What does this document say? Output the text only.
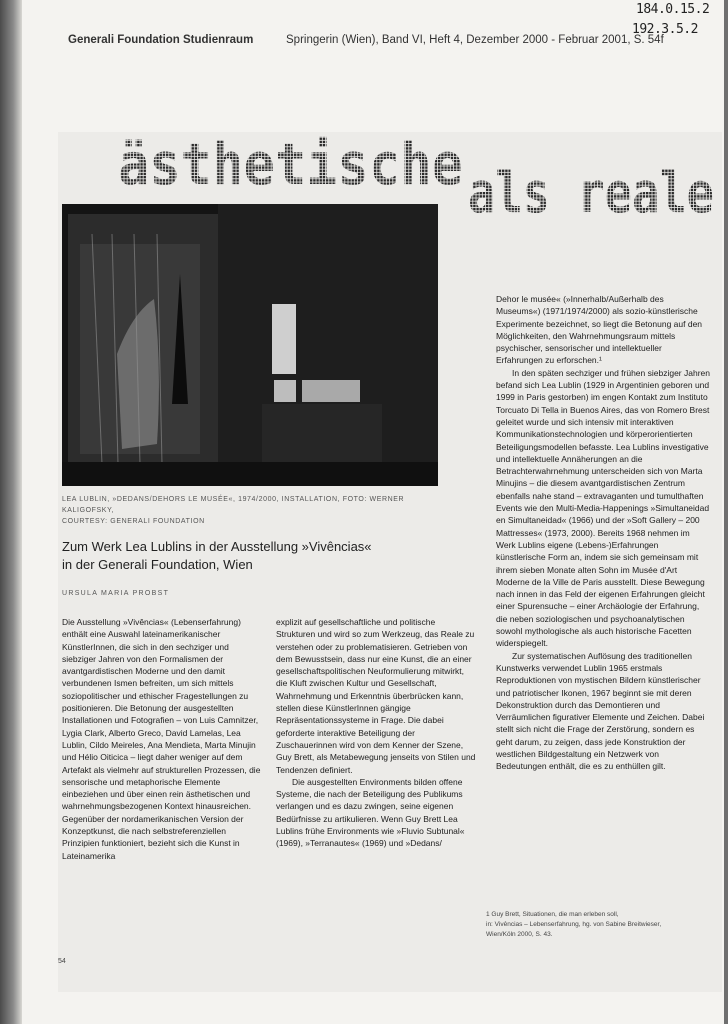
Generali Foundation Studienraum	Springerin (Wien), Band VI, Heft 4, Dezember 2000 - Februar 2001, S. 54f
184.0.15.2
192.3.5.2
ästhetische als reale
LEA LUBLIN, »DEDANS/DEHORS LE MUSÉE«, 1974/2000, INSTALLATION, FOTO: WERNER KALIGOFSKY,
COURTESY: GENERALI FOUNDATION
Zum Werk Lea Lublins in der Ausstellung »Vivências«
in der Generali Foundation, Wien
URSULA MARIA PROBST

Die Ausstellung »Vivências« (Lebenserfahrung) enthält eine Auswahl lateinamerikanischer KünstlerInnen, die sich in den sechziger und siebziger Jahren von den Formalismen der avantgardistischen Moderne und den damit verbundenen Ismen befreiten, um sich mittels soziopolitischer und ethischer Fragestellungen zu positionieren. Die Betonung der ausgestellten Installationen und Fotografien – von Luis Camnitzer, Lygia Clark, Alberto Greco, David Lamelas, Lea Lublin, Cildo Meireles, Ana Mendieta, Marta Minujin und Hélio Oiticica – liegt daher weniger auf dem Artefakt als vielmehr auf strukturellen Prozessen, die sensorische und metaphorische Elemente einbeziehen und über einen rein ästhetischen und wahrnehmungsbezogenen Kontext hinausreichen. Gegenüber der nordamerikanischen Version der Konzeptkunst, die nach selbstreferenziellen Prinzipien funktioniert, bezieht sich die Kunst in Lateinamerika

explizit auf gesellschaftliche und politische Strukturen und wird so zum Werkzeug, das Reale zu verstehen oder zu problematisieren. Getrieben von dem Bewusstsein, dass nur eine Kunst, die an einer gesellschaftspolitischen Neuformulierung mitwirkt, die Kluft zwischen Kultur und Gesellschaft, Wahrnehmung und Erkenntnis überbrücken kann, stellen diese KünstlerInnen gängige Repräsentationssysteme in Frage. Die dabei geforderte interaktive Beteiligung der Zuschauerinnen wird von dem Kenner der Szene, Guy Brett, als Metabewegung jenseits von Stilen und Tendenzen definiert.

Die ausgestellten Environments bilden offene Systeme, die nach der Beteiligung des Publikums verlangen und es dazu zwingen, seine eigenen Bedürfnisse zu artikulieren. Wenn Guy Brett Lea Lublins frühe Environments wie »Fluvio Subtunal« (1969), »Terranautes« (1969) und »Dedans/

Dehor le musée« (»Innerhalb/Außerhalb des Museums«) (1971/1974/2000) als sozio-künstlerische Experimente bezeichnet, so liegt die Betonung auf den Möglichkeiten, den Wahrnehmungsraum mittels psychischer, sensorischer und intellektueller Erfahrungen zu erforschen.¹

In den späten sechziger und frühen siebziger Jahren befand sich Lea Lublin (1929 in Argentinien geboren und 1999 in Paris gestorben) im engen Kontakt zum Instituto Torcuato Di Tella in Buenos Aires, das von Romero Brest geleitet wurde und sich intensiv mit interaktiven Kommunikationstechnologien und körperorientierten Beteiligungsmodellen befasste. Lea Lublins investigative und intellektuelle Annäherungen an die Betrachterwahrnehmung unterscheiden sich von Marta Minujins – die diesem avantgardistischen Zentrum ebenfalls nahe stand – extravaganten und tumulthaften Events wie den Multi-Media-Happenings »Simultaneidad en Simultaneidad« (1966) und der »Soft Gallery – 200 Mattresses« (1973, 2000). Bereits 1968 nehmen im Werk Lublins eigene (Lebens-)Erfahrungen künstlerische Form an, indem sie sich gemeinsam mit ihrem sieben Monate alten Sohn im Musée d'Art Moderne de la Ville de Paris ausstellt. Diese Bewegung nach innen in das Feld der eigenen Erfahrungen gleicht einer Spurensuche – einer Archäologie der Erfahrung, die neben soziologischen und psychoanalytischen sowohl mythologische als auch historische Facetten widerspiegelt.

Zur systematischen Auflösung des traditionellen Kunstwerks verwendet Lublin 1965 erstmals Reproduktionen von mystischen Bildern künstlerischer und patriotischer Ikonen, 1967 beginnt sie mit deren Dekonstruktion durch das Demontieren und Verräumlichen figurativer Elemente und Zeichen. Dabei stellt sich nicht die Frage der Zerstörung, sondern es geht darum, zu zeigen, dass jede Konstruktion der westlichen Bildgestaltung ein Netzwerk von Bedeutungen enthält, die es zu enthüllen gilt.

1 Guy Brett, Situationen, die man erleben soll,
in: Vivências – Lebenserfahrung, hg. von Sabine Breitwieser,
Wien/Köln 2000, S. 43.
54
